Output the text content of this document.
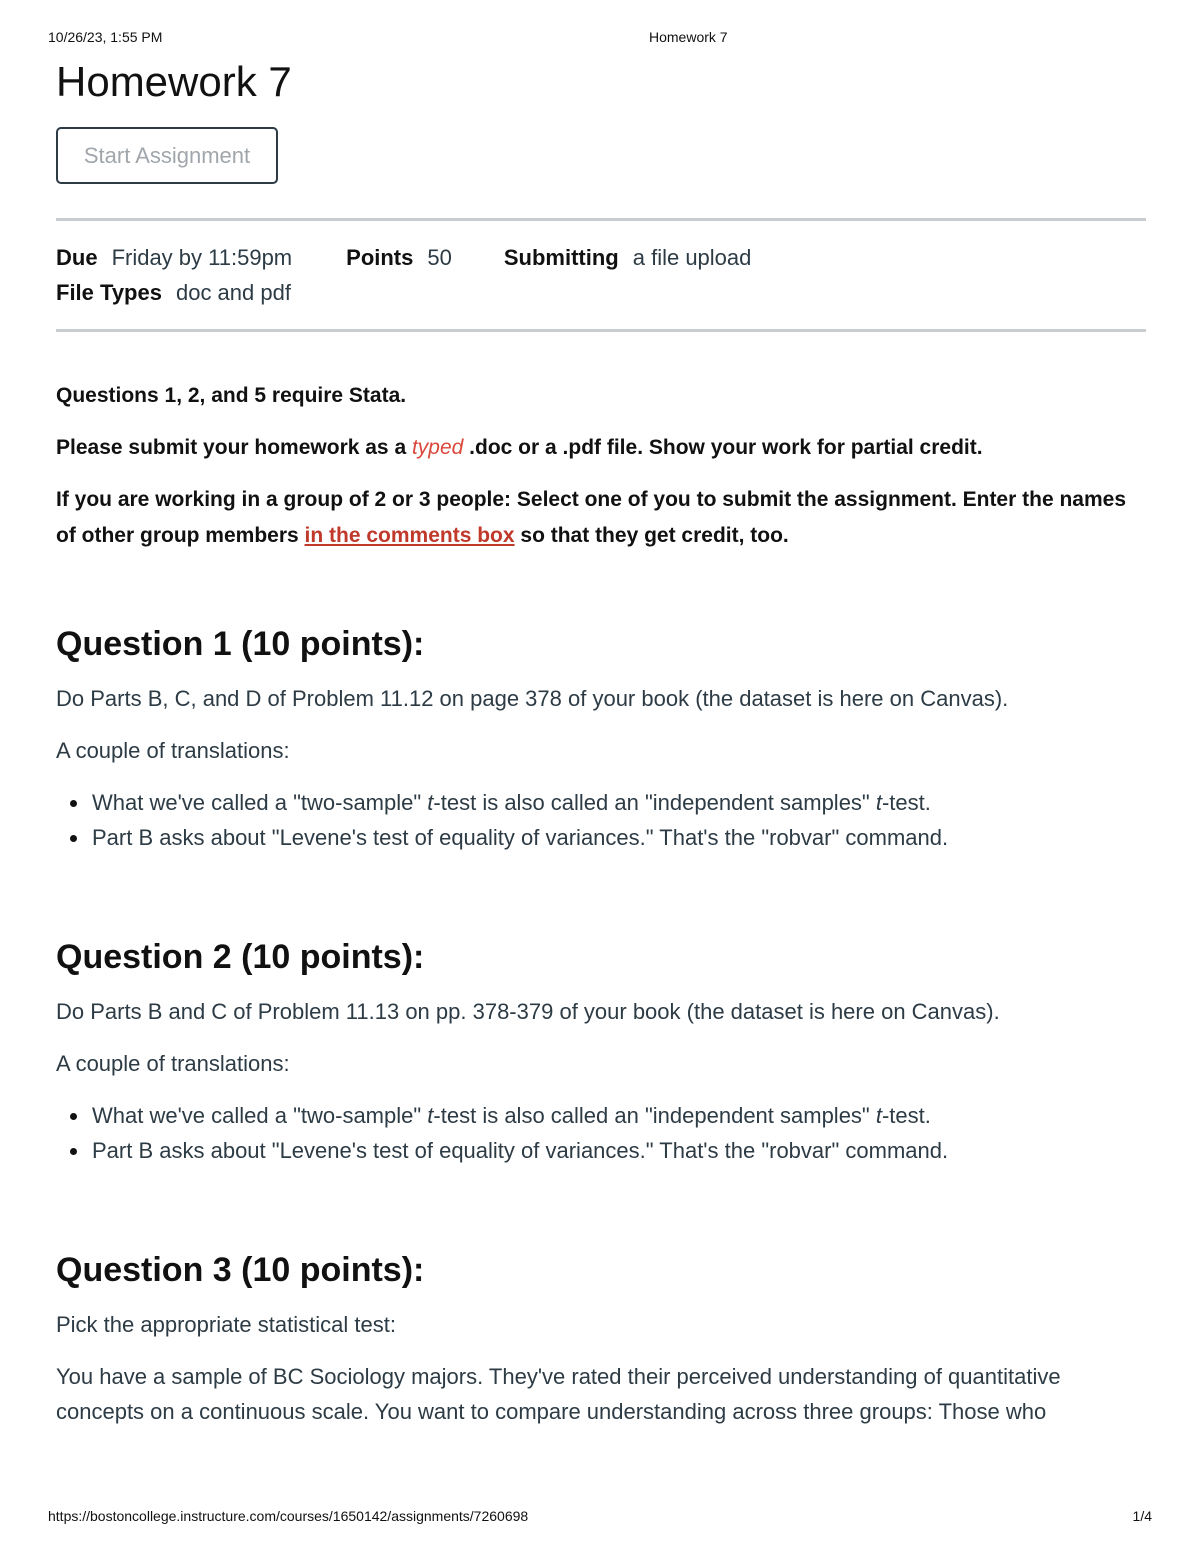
10/26/23, 1:55 PM	Homework 7
Homework 7
Start Assignment
Due Friday by 11:59pm Points 50 Submitting a file upload
File Types doc and pdf

Questions 1, 2, and 5 require Stata.

Please submit your homework as a typed .doc or a .pdf file. Show your work for partial credit.

If you are working in a group of 2 or 3 people: Select one of you to submit the assignment. Enter the names of other group members in the comments box so that they get credit, too.

Question 1 (10 points):

Do Parts B, C, and D of Problem 11.12 on page 378 of your book (the dataset is here on Canvas).

A couple of translations:

What we've called a "two-sample" t-test is also called an "independent samples" t-test.
Part B asks about "Levene's test of equality of variances." That's the "robvar" command.
Question 2 (10 points):

Do Parts B and C of Problem 11.13 on pp. 378-379 of your book (the dataset is here on Canvas).

A couple of translations:

What we've called a "two-sample" t-test is also called an "independent samples" t-test.
Part B asks about "Levene's test of equality of variances." That's the "robvar" command.
Question 3 (10 points):

Pick the appropriate statistical test:

You have a sample of BC Sociology majors. They've rated their perceived understanding of quantitative concepts on a continuous scale. You want to compare understanding across three groups: Those who

https://bostoncollege.instructure.com/courses/1650142/assignments/7260698	1/4
